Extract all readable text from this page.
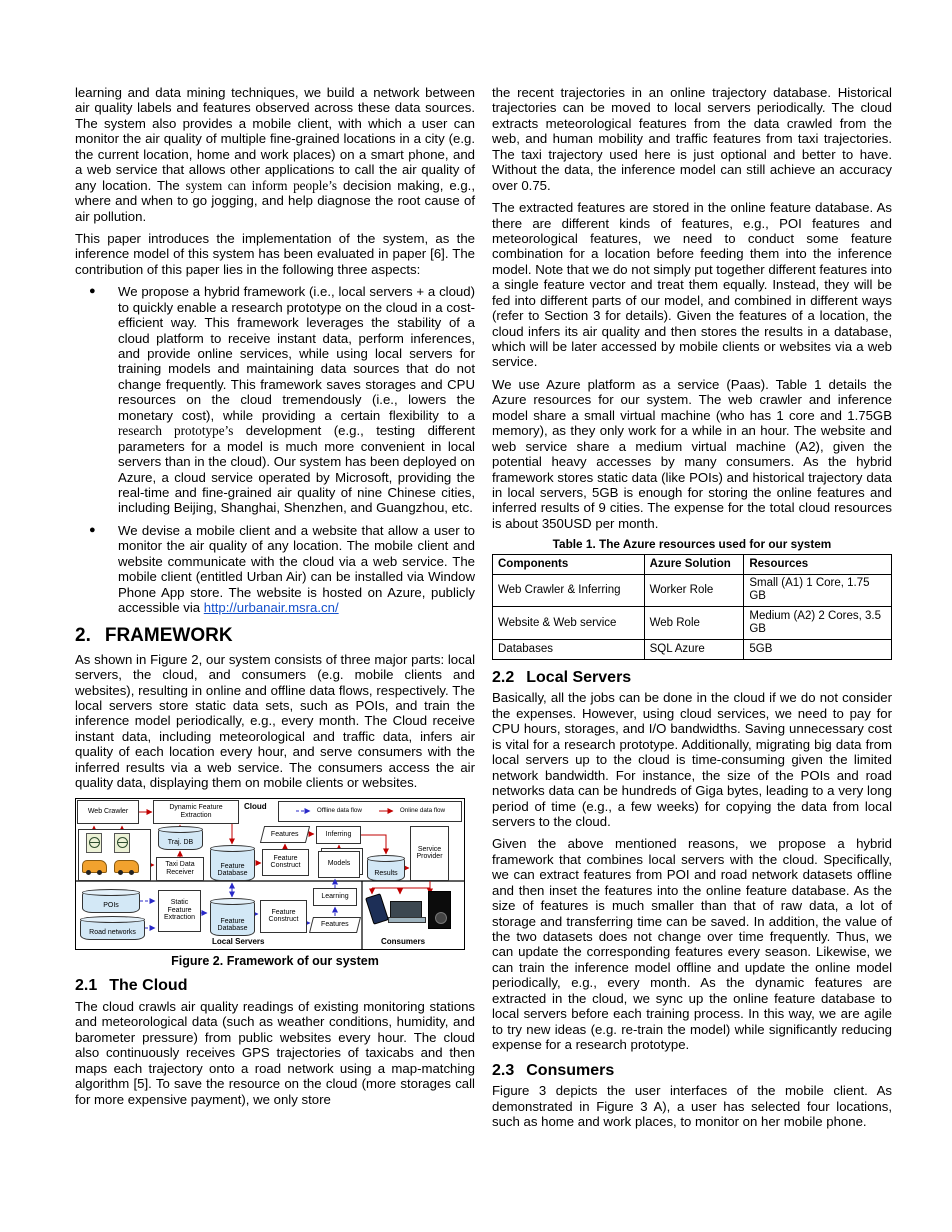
learning and data mining techniques, we build a network between air quality labels and features observed across these data sources. The system also provides a mobile client, with which a user can monitor the air quality of multiple fine-grained locations in a city (e.g. the current location, home and work places) on a smart phone, and a web service that allows other applications to call the air quality of any location. The system can inform people’s decision making, e.g., where and when to go jogging, and help diagnose the root cause of air pollution.

This paper introduces the implementation of the system, as the inference model of this system has been evaluated in paper [6]. The contribution of this paper lies in the following three aspects:

● We propose a hybrid framework (i.e., local servers + a cloud) to quickly enable a research prototype on the cloud in a cost-efficient way. This framework leverages the stability of a cloud platform to receive instant data, perform inferences, and provide online services, while using local servers for training models and maintaining data sources that do not change frequently. This framework saves storages and CPU resources on the cloud tremendously (i.e., lowers the monetary cost), while providing a certain flexibility to a research prototype’s development (e.g., testing different parameters for a model is much more convenient in local servers than in the cloud). Our system has been deployed on Azure, a cloud service operated by Microsoft, providing the real-time and fine-grained air quality of nine Chinese cities, including Beijing, Shanghai, Shenzhen, and Guangzhou, etc.
● We devise a mobile client and a website that allow a user to monitor the air quality of any location. The mobile client and website communicate with the cloud via a web service. The mobile client (entitled Urban Air) can be installed via Window Phone App store. The website is hosted on Azure, publicly accessible via http://urbanair.msra.cn/
2. FRAMEWORK

As shown in Figure 2, our system consists of three major parts: local servers, the cloud, and consumers (e.g. mobile clients and websites), resulting in online and offline data flows, respectively. The local servers store static data sets, such as POIs, and train the inference model periodically, e.g., every month. The Cloud receive instant data, including meteorological and traffic data, infers air quality of each location every hour, and serve consumers with the inferred results via a web service. The consumers access the air quality data, displaying them on mobile clients or websites.

Web Crawler
Dynamic Feature Extraction
Cloud	Offline data flow	Online data flow
Traj. DB
Taxi Data Receiver
Feature Database
Feature Construct
Features	Inferring
Models
Results
Service Provider
POIs
Road networks
Static Feature Extraction	Feature Database
Feature Construct
Learning
Features
Local Servers	Consumers
Figure 2. Framework of our system
2.1 The Cloud

The cloud crawls air quality readings of existing monitoring stations and meteorological data (such as weather conditions, humidity, and barometer pressure) from public websites every hour. The cloud also continuously receives GPS trajectories of taxicabs and then maps each trajectory onto a road network using a map-matching algorithm [5]. To save the resource on the cloud (more storages call for more expensive payment), we only store

the recent trajectories in an online trajectory database. Historical trajectories can be moved to local servers periodically. The cloud extracts meteorological features from the data crawled from the web, and human mobility and traffic features from taxi trajectories. The taxi trajectory used here is just optional and better to have. Without the data, the inference model can still achieve an accuracy over 0.75.

The extracted features are stored in the online feature database. As there are different kinds of features, e.g., POI features and meteorological features, we need to conduct some feature combination for a location before feeding them into the inference model. Note that we do not simply put together different features into a single feature vector and treat them equally. Instead, they will be fed into different parts of our model, and combined in different ways (refer to Section 3 for details). Given the features of a location, the cloud infers its air quality and then stores the results in a database, which will be later accessed by mobile clients or websites via a web service.

We use Azure platform as a service (Paas). Table 1 details the Azure resources for our system. The web crawler and inference model share a small virtual machine (who has 1 core and 1.75GB memory), as they only work for a while in an hour. The website and web service share a medium virtual machine (A2), given the potential heavy accesses by many consumers. As the hybrid framework stores static data (like POIs) and historical trajectory data in local servers, 5GB is enough for storing the online features and inferred results of 9 cities. The expense for the total cloud resources is about 350USD per month.

Table 1. The Azure resources used for our system
Components	Azure Solution	Resources
Web Crawler & Inferring	Worker Role	Small (A1) 1 Core, 1.75 GB
Website & Web service	Web Role	Medium (A2) 2 Cores, 3.5 GB
Databases	SQL Azure	5GB
2.2 Local Servers

Basically, all the jobs can be done in the cloud if we do not consider the expenses. However, using cloud services, we need to pay for CPU hours, storages, and I/O bandwidths. Saving unnecessary cost is vital for a research prototype. Additionally, migrating big data from local servers up to the cloud is time-consuming given the limited network bandwidth. For instance, the size of the POIs and road networks data can be hundreds of Giga bytes, leading to a very long period of time (e.g., a few weeks) for copying the data from local servers to the cloud.

Given the above mentioned reasons, we propose a hybrid framework that combines local servers with the cloud. Specifically, we can extract features from POI and road network datasets offline and then inset the features into the online feature database. As the size of features is much smaller than that of raw data, a lot of storage and transferring time can be saved. In addition, the value of the two datasets does not change over time frequently. Thus, we can update the corresponding features every season. Likewise, we can train the inference model offline and update the online model periodically, e.g., every month. As the dynamic features are extracted in the cloud, we sync up the online feature database to local servers before each training process. In this way, we are agile to try new ideas (e.g. re-train the model) while significantly reducing expense for a research prototype.

2.3 Consumers

Figure 3 depicts the user interfaces of the mobile client. As demonstrated in Figure 3 A), a user has selected four locations, such as home and work places, to monitor on her mobile phone.
